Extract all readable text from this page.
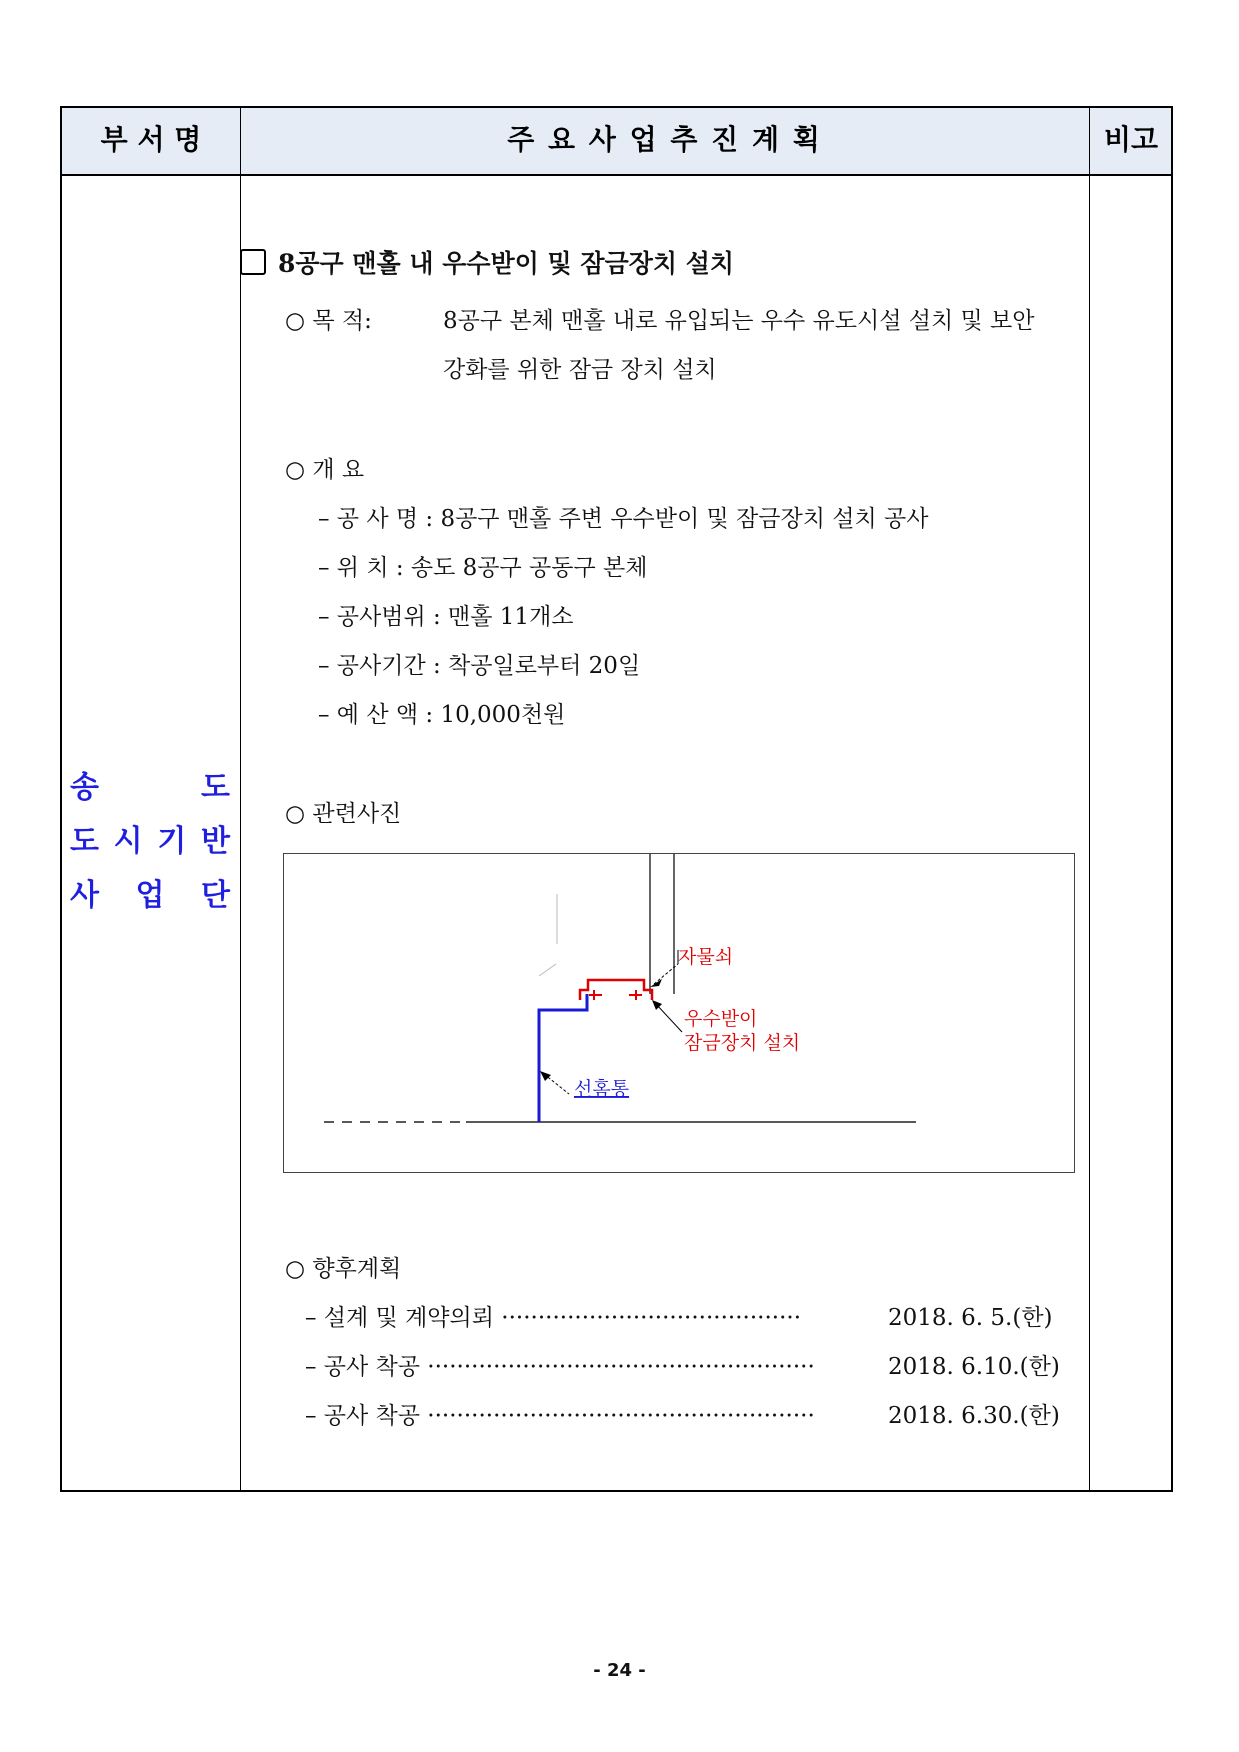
부 서 명	주 요 사 업 추 진 계 획	비고
송	도
도 시 기 반
사 업 단
8공구 맨홀 내 우수받이 및 잠금장치 설치
○ 목 적:	8공구 본체 맨홀 내로 유입되는 우수 유도시설 설치 및 보안
강화를 위한 잠금 장치 설치
○ 개 요
– 공 사 명 : 8공구 맨홀 주변 우수받이 및 잠금장치 설치 공사
– 위 치 : 송도 8공구 공동구 본체
– 공사범위 : 맨홀 11개소
– 공사기간 : 착공일로부터 20일
– 예 산 액 : 10,000천원
○ 관련사진
자물쇠
우수받이
잠금장치 설치
선홈통
○ 향후계획
– 설계 및 계약의뢰 ·········································	2018. 6. 5.(한)
– 공사 착공 ·····················································	2018. 6.10.(한)
– 공사 착공 ·····················································	2018. 6.30.(한)
- 24 -
